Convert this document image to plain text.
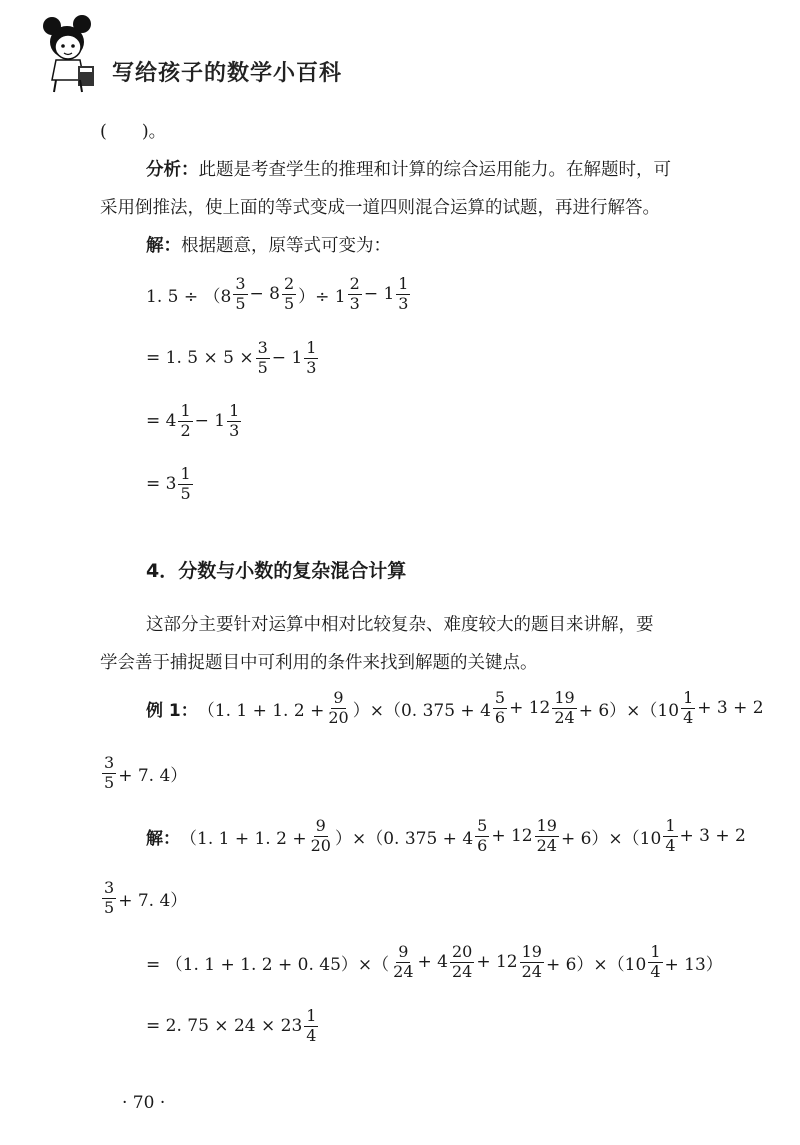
写给孩子的数学小百科
(　　)。
分析：此题是考查学生的推理和计算的综合运用能力。在解题时，可
采用倒推法，使上面的等式变成一道四则混合运算的试题，再进行解答。
解：根据题意，原等式可变为：
1. $5 \div (8 \frac{3}{5} - 8 \frac{2}{5}$ ）÷ $1 \frac{2}{3} - 1 \frac{1}{3}$
= 1. $5 \times 5 \times \frac{3}{5} - 1 \frac{1}{3}$
= $4 \frac{1}{2} - 1 \frac{1}{3}$
= $3 \frac{1}{5}$
4．分数与小数的复杂混合计算
这部分主要针对运算中相对比较复杂、难度较大的题目来讲解，要
学会善于捕捉题目中可利用的条件来找到解题的关键点。
例 1： （1. 1 + 1. $2 + \frac{9}{20} )\times(0$. $375 + 4 \frac{5}{6} + 12 \frac{19}{24} + 6)\times(10 \frac{1}{4} + 3 + 2$
$\frac{3}{5} + 7$. 4）
解： （1. 1 + 1. $2 + \frac{9}{20} )\times(0$. $375 + 4 \frac{5}{6} + 12 \frac{19}{24} + 6)\times(10 \frac{1}{4} + 3 + 2$
$\frac{3}{5} + 7$. 4）
= （1. 1 + 1. 2 + 0. $45)\times( \frac{9}{24} + 4 \frac{20}{24} + 12 \frac{19}{24} + 6)\times(10 \frac{1}{4} + 13)$
= 2. $75 \times 24 \times 23 \frac{1}{4}$
· 70 ·
